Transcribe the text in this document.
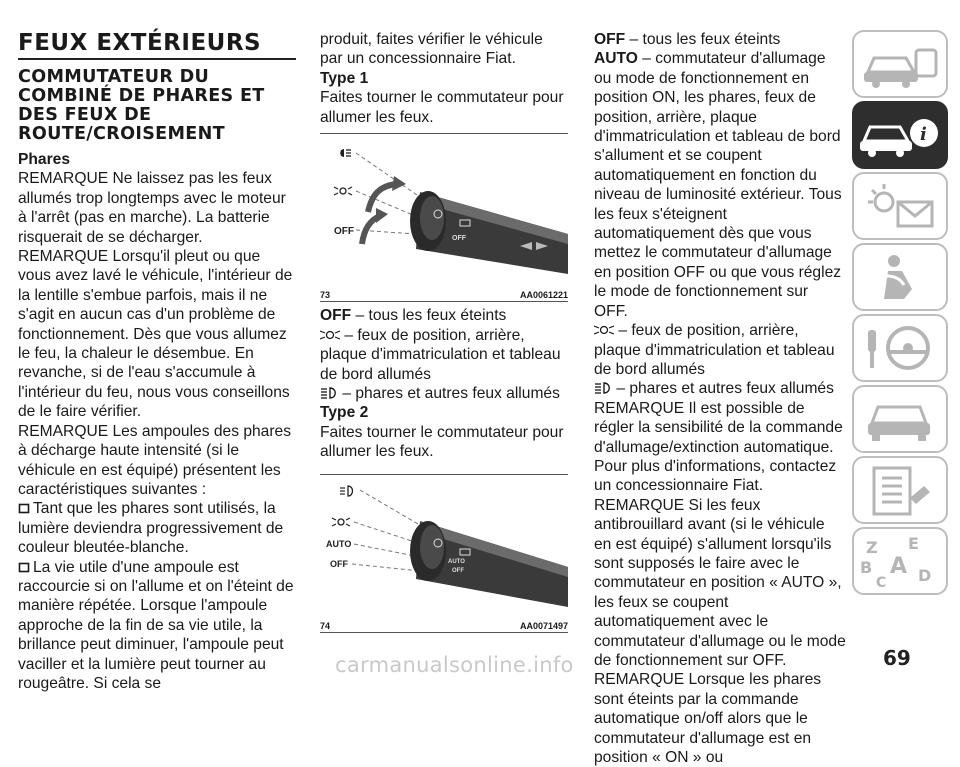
FEUX EXTÉRIEURS
COMMUTATEUR DU COMBINÉ DE PHARES ET DES FEUX DE ROUTE/CROISEMENT

Phares

REMARQUE Ne laissez pas les feux allumés trop longtemps avec le moteur à l'arrêt (pas en marche). La batterie risquerait de se décharger.

REMARQUE Lorsqu'il pleut ou que vous avez lavé le véhicule, l'intérieur de la lentille s'embue parfois, mais il ne s'agit en aucun cas d'un problème de fonctionnement. Dès que vous allumez le feu, la chaleur le désembue. En revanche, si de l'eau s'accumule à l'intérieur du feu, nous vous conseillons de le faire vérifier.

REMARQUE Les ampoules des phares à décharge haute intensité (si le véhicule en est équipé) présentent les caractéristiques suivantes :

Tant que les phares sont utilisés, la lumière deviendra progressivement de couleur bleutée-blanche.

La vie utile d'une ampoule est raccourcie si on l'allume et on l'éteint de manière répétée. Lorsque l'ampoule approche de la fin de sa vie utile, la brillance peut diminuer, l'ampoule peut vaciller et la lumière peut tourner au rougeâtre. Si cela se

produit, faites vérifier le véhicule par un concessionnaire Fiat.

Type 1

Faites tourner le commutateur pour allumer les feux.

OFF
OFF
73	AA0061221

OFF – tous les feux éteints

– feux de position, arrière, plaque d'immatriculation et tableau de bord allumés

– phares et autres feux allumés

Type 2

Faites tourner le commutateur pour allumer les feux.

AUTO
OFF	AUTO
OFF
74	AA0071497

OFF – tous les feux éteints

AUTO – commutateur d'allumage ou mode de fonctionnement en position ON, les phares, feux de position, arrière, plaque d'immatriculation et tableau de bord s'allument et se coupent automatiquement en fonction du niveau de luminosité extérieur. Tous les feux s'éteignent automatiquement dès que vous mettez le commutateur d'allumage en position OFF ou que vous réglez le mode de fonctionnement sur OFF.

– feux de position, arrière, plaque d'immatriculation et tableau de bord allumés

– phares et autres feux allumés

REMARQUE Il est possible de régler la sensibilité de la commande d'allumage/extinction automatique. Pour plus d'informations, contactez un concessionnaire Fiat.

REMARQUE Si les feux antibrouillard avant (si le véhicule en est équipé) s'allument lorsqu'ils sont supposés le faire avec le commutateur en position « AUTO », les feux se coupent automatiquement avec le commutateur d'allumage ou le mode de fonctionnement sur OFF.

REMARQUE Lorsque les phares sont éteints par la commande automatique on/off alors que le commutateur d'allumage est en position « ON » ou

i
Z E
B A
C D
69
carmanualsonline.info
